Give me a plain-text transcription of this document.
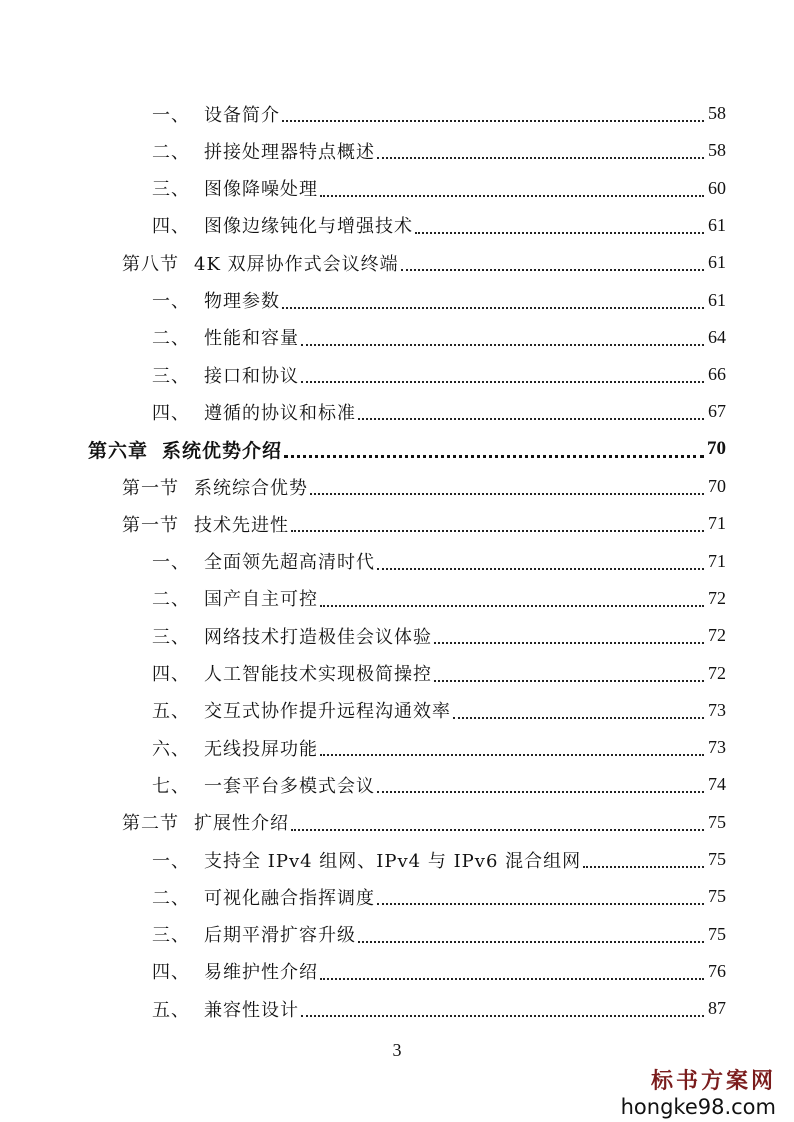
一、 设备简介	58
二、 拼接处理器特点概述	58
三、 图像降噪处理	60
四、 图像边缘钝化与增强技术	61
第八节 4K 双屏协作式会议终端	61
一、 物理参数	61
二、 性能和容量	64
三、 接口和协议	66
四、 遵循的协议和标准	67
第六章 系统优势介绍	70
第一节 系统综合优势	70
第一节 技术先进性	71
一、 全面领先超高清时代	71
二、 国产自主可控	72
三、 网络技术打造极佳会议体验	72
四、 人工智能技术实现极简操控	72
五、 交互式协作提升远程沟通效率	73
六、 无线投屏功能	73
七、 一套平台多模式会议	74
第二节 扩展性介绍	75
一、 支持全 IPv4 组网、IPv4 与 IPv6 混合组网	75
二、 可视化融合指挥调度	75
三、 后期平滑扩容升级	75
四、 易维护性介绍	76
五、 兼容性设计	87
3
标书方案网
hongke98.com
